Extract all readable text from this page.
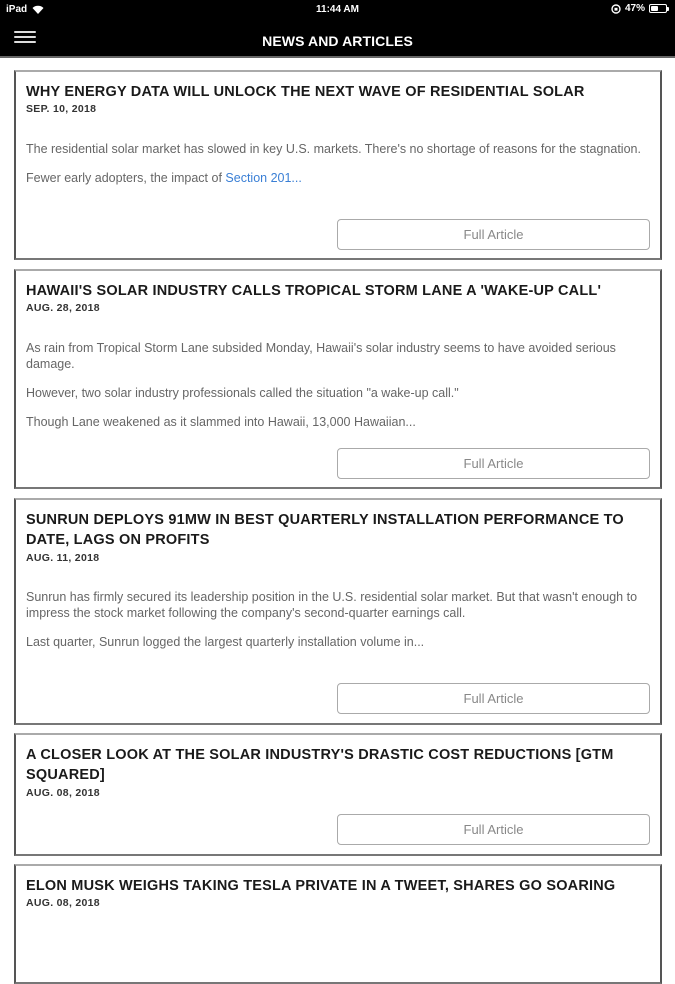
iPad	11:44 AM	47%
NEWS AND ARTICLES
WHY ENERGY DATA WILL UNLOCK THE NEXT WAVE OF RESIDENTIAL SOLAR
SEP. 10, 2018

The residential solar market has slowed in key U.S. markets. There's no shortage of reasons for the stagnation.

Fewer early adopters, the impact of Section 201...

Full Article
HAWAII'S SOLAR INDUSTRY CALLS TROPICAL STORM LANE A 'WAKE-UP CALL'
AUG. 28, 2018

As rain from Tropical Storm Lane subsided Monday, Hawaii's solar industry seems to have avoided serious damage.

However, two solar industry professionals called the situation "a wake-up call."

Though Lane weakened as it slammed into Hawaii, 13,000 Hawaiian...

Full Article
SUNRUN DEPLOYS 91MW IN BEST QUARTERLY INSTALLATION PERFORMANCE TO DATE, LAGS ON PROFITS
AUG. 11, 2018

Sunrun has firmly secured its leadership position in the U.S. residential solar market. But that wasn't enough to impress the stock market following the company's second-quarter earnings call.

Last quarter, Sunrun logged the largest quarterly installation volume in...

Full Article
A CLOSER LOOK AT THE SOLAR INDUSTRY'S DRASTIC COST REDUCTIONS [GTM SQUARED]
AUG. 08, 2018
Full Article
ELON MUSK WEIGHS TAKING TESLA PRIVATE IN A TWEET, SHARES GO SOARING
AUG. 08, 2018
